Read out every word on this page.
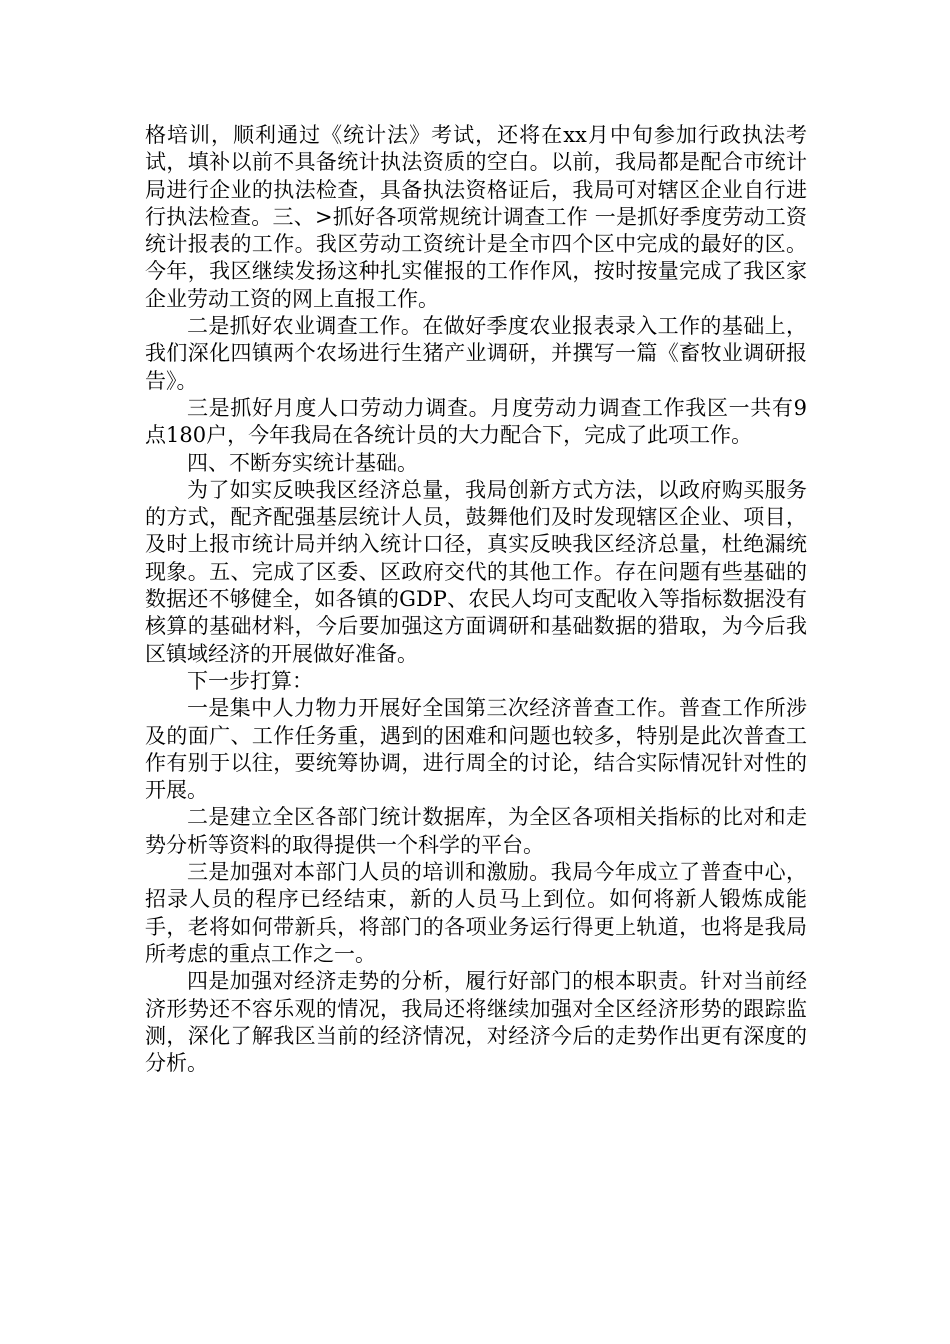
格培训，顺利通过《统计法》考试，还将在xx月中旬参加行政执法考试，填补以前不具备统计执法资质的空白。以前，我局都是配合市统计局进行企业的执法检查，具备执法资格证后，我局可对辖区企业自行进行执法检查。三、>抓好各项常规统计调查工作 一是抓好季度劳动工资统计报表的工作。我区劳动工资统计是全市四个区中完成的最好的区。今年，我区继续发扬这种扎实催报的工作作风，按时按量完成了我区家企业劳动工资的网上直报工作。

二是抓好农业调查工作。在做好季度农业报表录入工作的基础上，我们深化四镇两个农场进行生猪产业调研，并撰写一篇《畜牧业调研报告》。

三是抓好月度人口劳动力调查。月度劳动力调查工作我区一共有9点180户，今年我局在各统计员的大力配合下，完成了此项工作。

四、不断夯实统计基础。

为了如实反映我区经济总量，我局创新方式方法，以政府购买服务的方式，配齐配强基层统计人员，鼓舞他们及时发现辖区企业、项目，及时上报市统计局并纳入统计口径，真实反映我区经济总量，杜绝漏统现象。五、完成了区委、区政府交代的其他工作。存在问题有些基础的数据还不够健全，如各镇的GDP、农民人均可支配收入等指标数据没有核算的基础材料，今后要加强这方面调研和基础数据的猎取，为今后我区镇域经济的开展做好准备。

下一步打算：

一是集中人力物力开展好全国第三次经济普查工作。普查工作所涉及的面广、工作任务重，遇到的困难和问题也较多，特别是此次普查工作有别于以往，要统筹协调，进行周全的讨论，结合实际情况针对性的开展。

二是建立全区各部门统计数据库，为全区各项相关指标的比对和走势分析等资料的取得提供一个科学的平台。

三是加强对本部门人员的培训和激励。我局今年成立了普查中心，招录人员的程序已经结束，新的人员马上到位。如何将新人锻炼成能手，老将如何带新兵，将部门的各项业务运行得更上轨道，也将是我局所考虑的重点工作之一。

四是加强对经济走势的分析，履行好部门的根本职责。针对当前经济形势还不容乐观的情况，我局还将继续加强对全区经济形势的跟踪监测，深化了解我区当前的经济情况，对经济今后的走势作出更有深度的分析。
